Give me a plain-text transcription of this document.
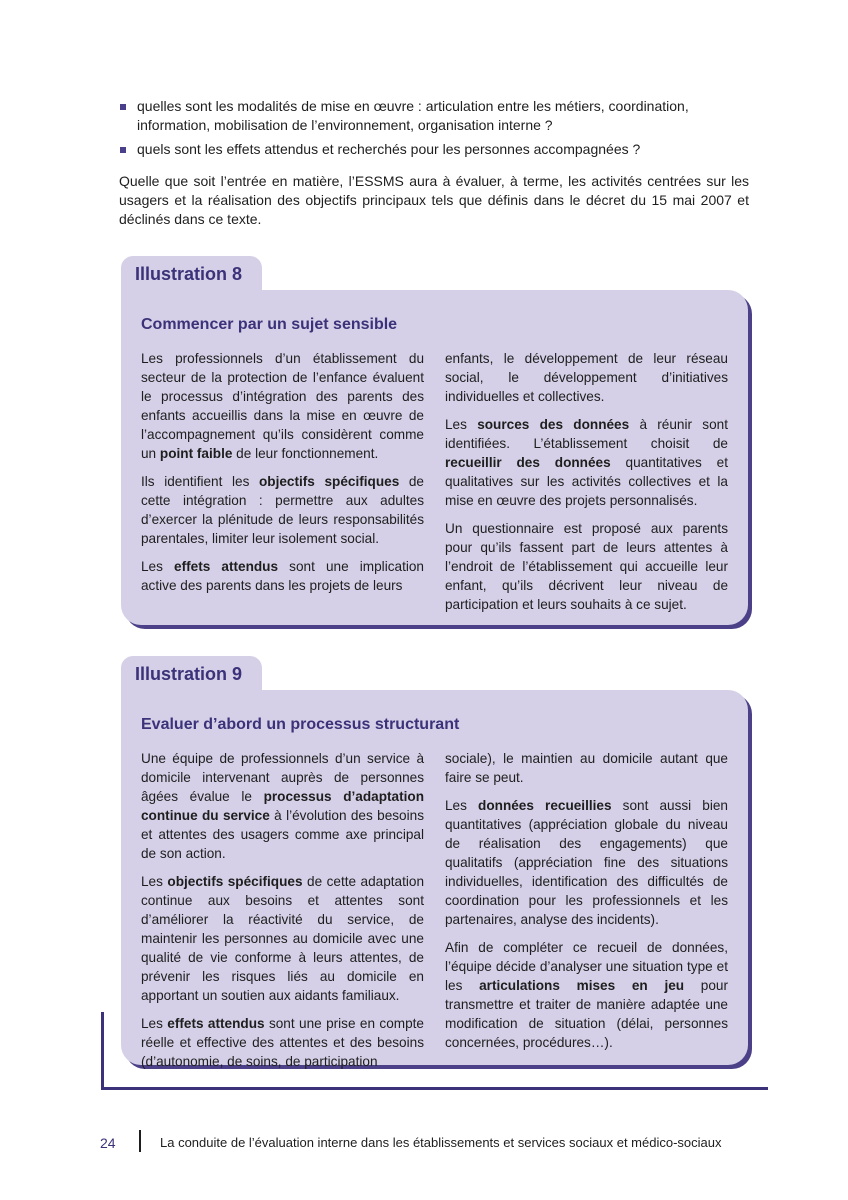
quelles sont les modalités de mise en œuvre : articulation entre les métiers, coordination, information, mobilisation de l’environnement, organisation interne ?
quels sont les effets attendus et recherchés pour les personnes accompagnées ?

Quelle que soit l’entrée en matière, l’ESSMS aura à évaluer, à terme, les activités centrées sur les usagers et la réalisation des objectifs principaux tels que définis dans le décret du 15 mai 2007 et déclinés dans ce texte.

Illustration 8
Commencer par un sujet sensible

Les professionnels d’un établissement du secteur de la protection de l’enfance évaluent le processus d’intégration des parents des enfants accueillis dans la mise en œuvre de l’accompagnement qu’ils considèrent comme un point faible de leur fonctionnement.

Ils identifient les objectifs spécifiques de cette intégration : permettre aux adultes d’exercer la plénitude de leurs responsabilités parentales, limiter leur isolement social.

Les effets attendus sont une implication active des parents dans les projets de leurs

enfants, le développement de leur réseau social, le développement d’initiatives individuelles et collectives.

Les sources des données à réunir sont identifiées. L’établissement choisit de recueillir des données quantitatives et qualitatives sur les activités collectives et la mise en œuvre des projets personnalisés.

Un questionnaire est proposé aux parents pour qu’ils fassent part de leurs attentes à l’endroit de l’établissement qui accueille leur enfant, qu’ils décrivent leur niveau de participation et leurs souhaits à ce sujet.

Illustration 9
Evaluer d’abord un processus structurant

Une équipe de professionnels d’un service à domicile intervenant auprès de personnes âgées évalue le processus d’adaptation continue du service à l’évolution des besoins et attentes des usagers comme axe principal de son action.

Les objectifs spécifiques de cette adaptation continue aux besoins et attentes sont d’améliorer la réactivité du service, de maintenir les personnes au domicile avec une qualité de vie conforme à leurs attentes, de prévenir les risques liés au domicile en apportant un soutien aux aidants familiaux.

Les effets attendus sont une prise en compte réelle et effective des attentes et des besoins (d’autonomie, de soins, de participation

sociale), le maintien au domicile autant que faire se peut.

Les données recueillies sont aussi bien quantitatives (appréciation globale du niveau de réalisation des engagements) que qualitatifs (appréciation fine des situations individuelles, identification des difficultés de coordination pour les professionnels et les partenaires, analyse des incidents).

Afin de compléter ce recueil de données, l’équipe décide d’analyser une situation type et les articulations mises en jeu pour transmettre et traiter de manière adaptée une modification de situation (délai, personnes concernées, procédures…).

24	La conduite de l’évaluation interne dans les établissements et services sociaux et médico-sociaux
